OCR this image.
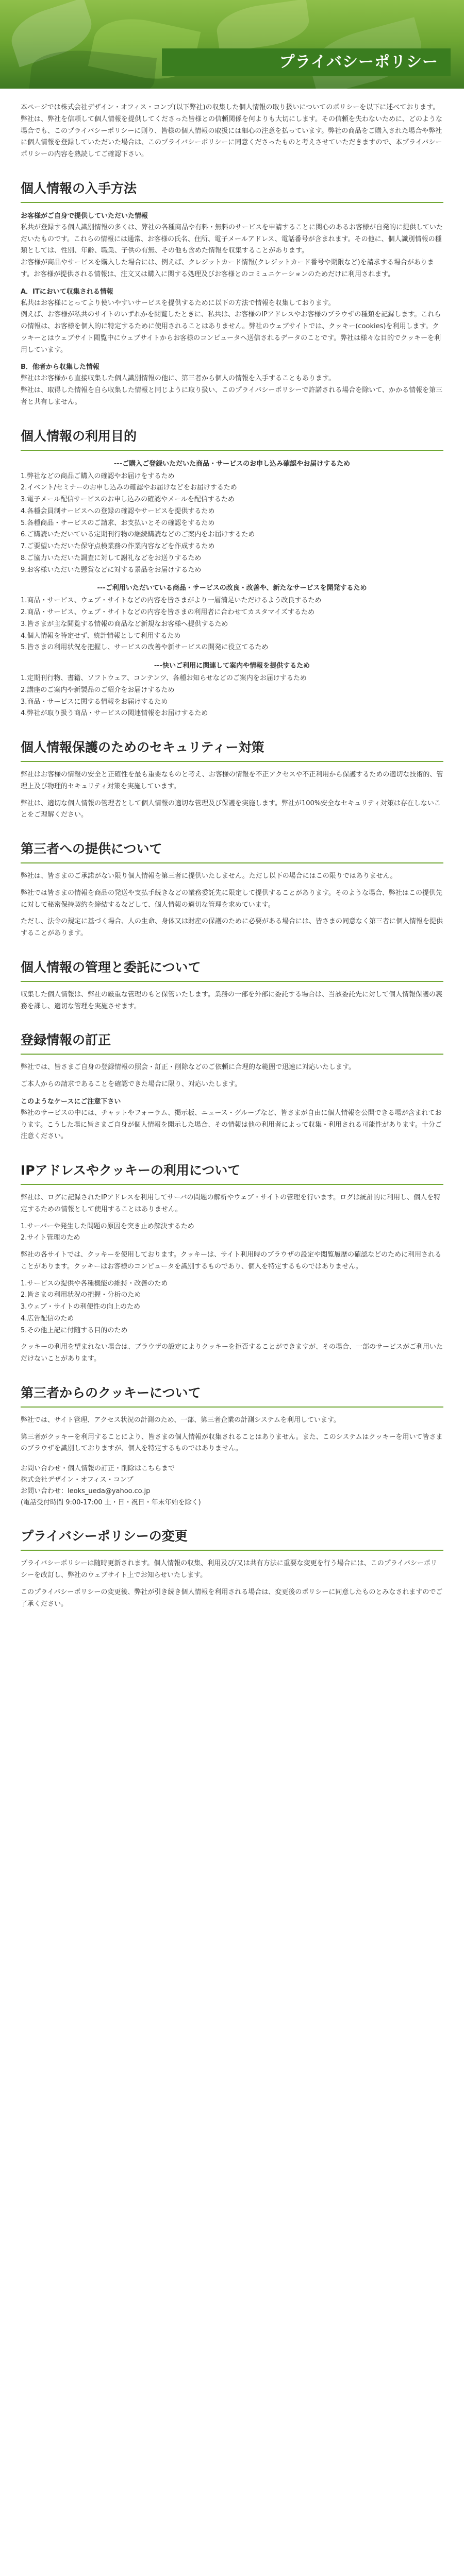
プライバシーポリシー

本ページでは株式会社デザイン・オフィス・コンプ(以下弊社)の収集した個人情報の取り扱いについてのポリシーを以下に述べております。弊社は、弊社を信頼して個人情報を提供してくださった皆様との信頼関係を何よりも大切にします。その信頼を失わないために、どのような場合でも、このプライバシーポリシーに則り、皆様の個人情報の取扱には細心の注意を払っています。弊社の商品をご購入された場合や弊社に個人情報を登録していただいた場合は、このプライバシーポリシーに同意くださったものと考えさせていただきますので、本プライバシーポリシーの内容を熟読してご確認下さい。

個人情報の入手方法
お客様がご自身で提供していただいた情報

私共が登録する個人識別情報の多くは、弊社の各種商品や有料・無料のサービスを申請することに関心のあるお客様が自発的に提供していただいたものです。これらの情報には通常、お客様の氏名、住所、電子メールアドレス、電話番号が含まれます。その他に、個人識別情報の種類としては、性別、年齢、職業、子供の有無、その他も含めた情報を収集することがあります。
お客様が商品やサービスを購入した場合には、例えば、クレジットカード情報(クレジットカード番号や期限など)を請求する場合があります。お客様が提供される情報は、注文又は購入に関する処理及びお客様とのコミュニケーションのためだけに利用されます。

A．ITにおいて収集される情報

私共はお客様にとってより使いやすいサービスを提供するために以下の方法で情報を収集しております。
例えば、お客様が私共のサイトのいずれかを閲覧したときに、私共は、お客様のIPアドレスやお客様のブラウザの種類を記録します。これらの情報は、お客様を個人的に特定するために使用されることはありません。弊社のウェブサイトでは、クッキー(cookies)を利用します。クッキーとはウェブサイト閲覧中にウェブサイトからお客様のコンピュータへ送信されるデータのことです。弊社は様々な目的でクッキーを利用しています。

B．他者から収集した情報

弊社はお客様から直接収集した個人識別情報の他に、第三者から個人の情報を入手することもあります。
弊社は、取得した情報を自ら収集した情報と同じように取り扱い、このプライバシーポリシーで許諾される場合を除いて、かかる情報を第三者と共有しません。

個人情報の利用目的
---ご購入ご登録いただいた商品・サービスのお申し込み確認やお届けするため
1.弊社などの商品ご購入の確認やお届けをするため
2.イベント/セミナーのお申し込みの確認やお届けなどをお届けするため
3.電子メール配信サービスのお申し込みの確認やメールを配信するため
4.各種会員制サービスへの登録の確認やサービスを提供するため
5.各種商品・サービスのご請求、お支払いとその確認をするため
6.ご購読いただいている定期刊行物の継続購読などのご案内をお届けするため
7.ご要望いただいた保守点検業務の作業内容などを作成するため
8.ご協力いただいた調査に対して謝礼などをお送りするため
9.お客様いただいた懸賞などに対する景品をお届けするため
---ご利用いただいている商品・サービスの改良・改善や、新たなサービスを開発するため
1.商品・サービス、ウェブ・サイトなどの内容を皆さまがより一層満足いただけるよう改良するため
2.商品・サービス、ウェブ・サイトなどの内容を皆さまの利用者に合わせてカスタマイズするため
3.皆さまが主な閲覧する情報の商品など新規なお客様へ提供するため
4.個人情報を特定せず、統計情報として利用するため
5.皆さまの利用状況を把握し、サービスの改善や新サービスの開発に役立てるため
---快いご利用に関連して案内や情報を提供するため
1.定期刊行物、書籍、ソフトウェア、コンテンツ、各種お知らせなどのご案内をお届けするため
2.講座のご案内や新製品のご紹介をお届けするため
3.商品・サービスに関する情報をお届けするため
4.弊社が取り扱う商品・サービスの関連情報をお届けするため
個人情報保護のためのセキュリティー対策

弊社はお客様の情報の安全と正確性を最も重要なものと考え、お客様の情報を不正アクセスや不正利用から保護するための適切な技術的、管理上及び物理的セキュリティ対策を実施しています。

弊社は、適切な個人情報の管理者として個人情報の適切な管理及び保護を実施します。弊社が100%安全なセキュリティ対策は存在しないことをご理解ください。

第三者への提供について

弊社は、皆さまのご承諾がない限り個人情報を第三者に提供いたしません。ただし以下の場合にはこの限りではありません。

弊社では皆さまの情報を商品の発送や支払手続きなどの業務委託先に限定して提供することがあります。そのような場合、弊社はこの提供先に対して秘密保持契約を締結するなどして、個人情報の適切な管理を求めています。

ただし、法令の規定に基づく場合、人の生命、身体又は財産の保護のために必要がある場合には、皆さまの同意なく第三者に個人情報を提供することがあります。

個人情報の管理と委託について

収集した個人情報は、弊社の厳重な管理のもと保管いたします。業務の一部を外部に委託する場合は、当該委託先に対して個人情報保護の義務を課し、適切な管理を実施させます。

登録情報の訂正

弊社では、皆さまご自身の登録情報の照会・訂正・削除などのご依頼に合理的な範囲で迅速に対応いたします。

ご本人からの請求であることを確認できた場合に限り、対応いたします。

このようなケースにご注意下さい

弊社のサービスの中には、チャットやフォーラム、掲示板、ニュース・グループなど、皆さまが自由に個人情報を公開できる場が含まれております。こうした場に皆さまご自身が個人情報を開示した場合、その情報は他の利用者によって収集・利用される可能性があります。十分ご注意ください。

IPアドレスやクッキーの利用について

弊社は、ログに記録されたIPアドレスを利用してサーバの問題の解析やウェブ・サイトの管理を行います。ログは統計的に利用し、個人を特定するための情報として使用することはありません。

1.サーバーや発生した問題の原因を突き止め解決するため
2.サイト管理のため

弊社の各サイトでは、クッキーを使用しております。クッキーは、サイト利用時のブラウザの設定や閲覧履歴の確認などのために利用されることがあります。クッキーはお客様のコンピュータを識別するものであり、個人を特定するものではありません。

1.サービスの提供や各種機能の維持・改善のため
2.皆さまの利用状況の把握・分析のため
3.ウェブ・サイトの利便性の向上のため
4.広告配信のため
5.その他上記に付随する目的のため

クッキーの利用を望まれない場合は、ブラウザの設定によりクッキーを拒否することができますが、その場合、一部のサービスがご利用いただけないことがあります。

第三者からのクッキーについて

弊社では、サイト管理、アクセス状況の計測のため、一部、第三者企業の計測システムを利用しています。

第三者がクッキーを利用することにより、皆さまの個人情報が収集されることはありません。また、このシステムはクッキーを用いて皆さまのブラウザを識別しておりますが、個人を特定するものではありません。

お問い合わせ・個人情報の訂正・削除はこちらまで
株式会社デザイン・オフィス・コンプ
お問い合わせ：leoks_ueda@yahoo.co.jp
(電話受付時間 9:00-17:00 土・日・祝日・年末年始を除く)
プライバシーポリシーの変更

プライバシーポリシーは随時更新されます。個人情報の収集、利用及び/又は共有方法に重要な変更を行う場合には、このプライバシーポリシーを改訂し、弊社のウェブサイト上でお知らせいたします。

このプライバシーポリシーの変更後、弊社が引き続き個人情報を利用される場合は、変更後のポリシーに同意したものとみなされますのでご了承ください。
